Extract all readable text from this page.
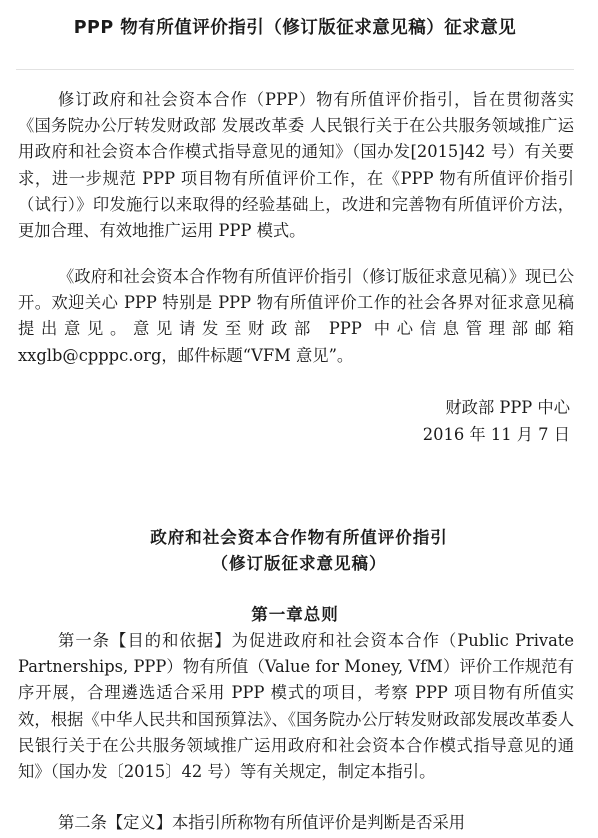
PPP 物有所值评价指引（修订版征求意见稿）征求意见

修订政府和社会资本合作（PPP）物有所值评价指引，旨在贯彻落实《国务院办公厅转发财政部 发展改革委 人民银行关于在公共服务领域推广运用政府和社会资本合作模式指导意见的通知》（国办发[2015]42 号）有关要求，进一步规范 PPP 项目物有所值评价工作，在《PPP 物有所值评价指引（试行）》印发施行以来取得的经验基础上，改进和完善物有所值评价方法，更加合理、有效地推广运用 PPP 模式。

《政府和社会资本合作物有所值评价指引（修订版征求意见稿）》现已公开。欢迎关心 PPP 特别是 PPP 物有所值评价工作的社会各界对征求意见稿提出意见。意见请发至财政部 PPP 中心信息管理部邮箱 xxglb@cpppc.org，邮件标题“VFM 意见”。

财政部 PPP 中心
2016 年 11 月 7 日
政府和社会资本合作物有所值评价指引
（修订版征求意见稿）
第一章总则

第一条【目的和依据】为促进政府和社会资本合作（Public Private Partnerships, PPP）物有所值（Value for Money, VfM）评价工作规范有序开展，合理遴选适合采用 PPP 模式的项目，考察 PPP 项目物有所值实效，根据《中华人民共和国预算法》、《国务院办公厅转发财政部发展改革委人民银行关于在公共服务领域推广运用政府和社会资本合作模式指导意见的通知》（国办发〔2015〕42 号）等有关规定，制定本指引。

第二条【定义】本指引所称物有所值评价是判断是否采用
